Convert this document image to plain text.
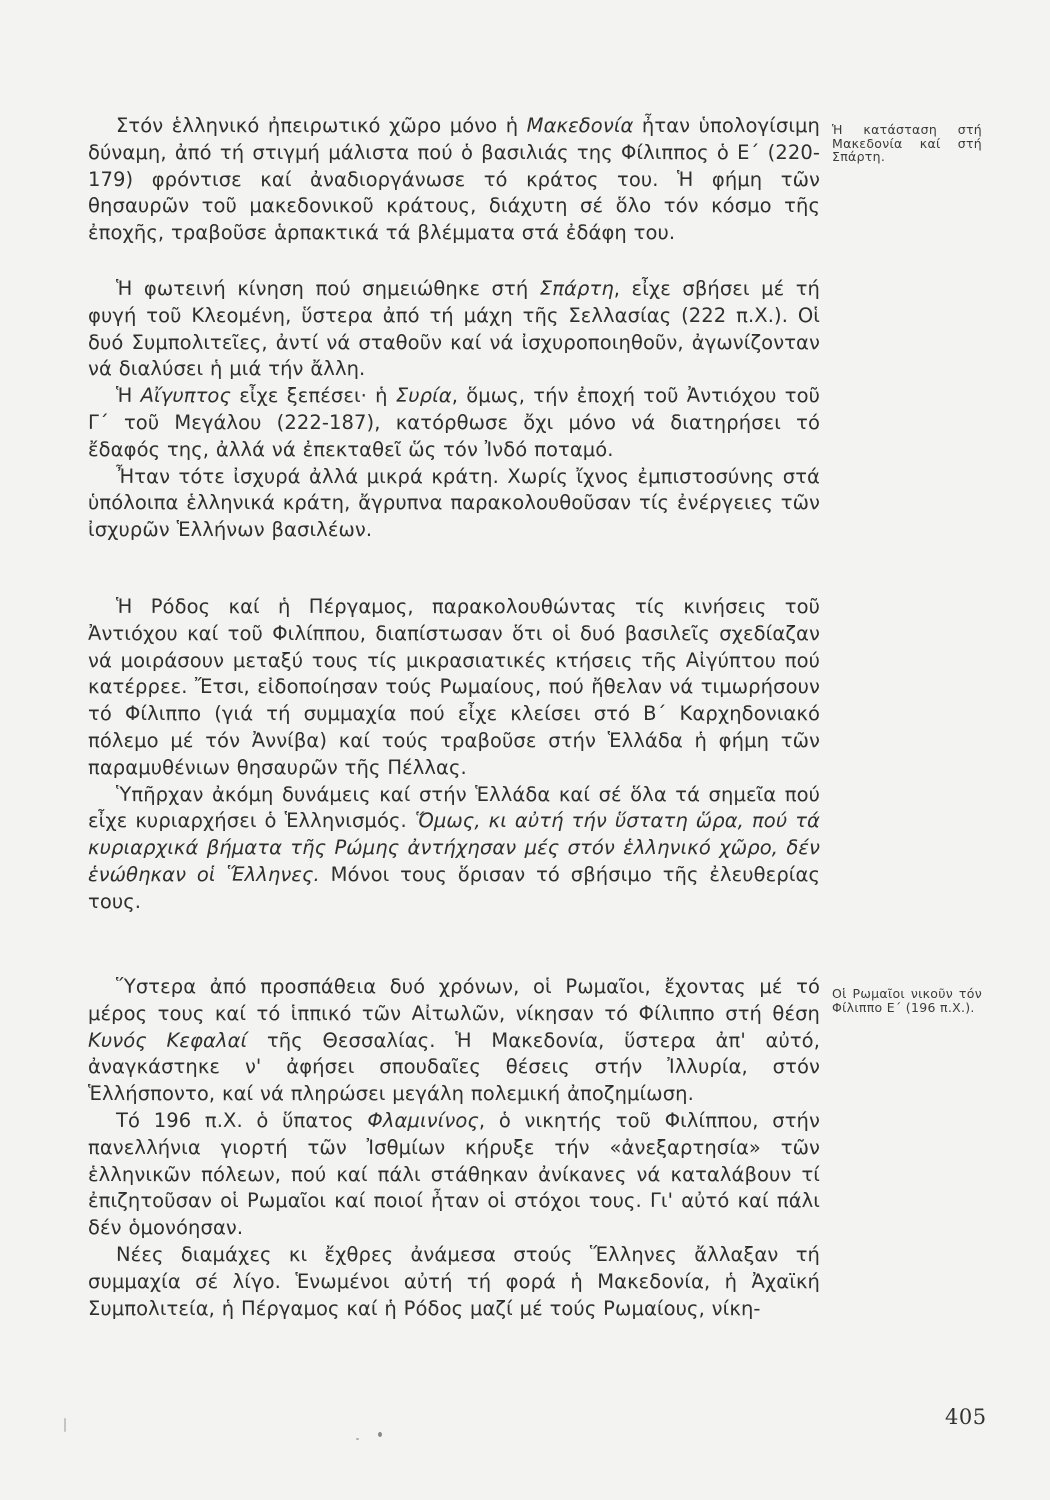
Στόν ἑλληνικό ἠπειρωτικό χῶρο μόνο ἡ Μακεδονία ἦταν ὑπολογίσιμη δύναμη, ἀπό τή στιγμή μάλιστα πού ὁ βασιλιάς της Φίλιππος ὁ Ε΄ (220-179) φρόντισε καί ἀναδιοργάνωσε τό κράτος του. Ἡ φήμη τῶν θησαυρῶν τοῦ μακεδονικοῦ κράτους, διάχυτη σέ ὅλο τόν κόσμο τῆς ἐποχῆς, τραβοῦσε ἁρπακτικά τά βλέμματα στά ἐδάφη του.

Ἡ φωτεινή κίνηση πού σημειώθηκε στή Σπάρτη, εἶχε σβήσει μέ τή φυγή τοῦ Κλεομένη, ὕστερα ἀπό τή μάχη τῆς Σελλασίας (222 π.Χ.). Οἱ δυό Συμπολιτεῖες, ἀντί νά σταθοῦν καί νά ἰσχυροποιηθοῦν, ἀγωνίζονταν νά διαλύσει ἡ μιά τήν ἄλλη.

Ἡ Αἴγυπτος εἶχε ξεπέσει· ἡ Συρία, ὅμως, τήν ἐποχή τοῦ Ἀντιόχου τοῦ Γ΄ τοῦ Μεγάλου (222-187), κατόρθωσε ὄχι μόνο νά διατηρήσει τό ἔδαφός της, ἀλλά νά ἐπεκταθεῖ ὥς τόν Ἰνδό ποταμό.

Ἦταν τότε ἰσχυρά ἀλλά μικρά κράτη. Χωρίς ἴχνος ἐμπιστοσύνης στά ὑπόλοιπα ἑλληνικά κράτη, ἄγρυπνα παρακολουθοῦσαν τίς ἐνέργειες τῶν ἰσχυρῶν Ἑλλήνων βασιλέων.

Ἡ Ρόδος καί ἡ Πέργαμος, παρακολουθώντας τίς κινήσεις τοῦ Ἀντιόχου καί τοῦ Φιλίππου, διαπίστωσαν ὅτι οἱ δυό βασιλεῖς σχεδίαζαν νά μοιράσουν μεταξύ τους τίς μικρασιατικές κτήσεις τῆς Αἰγύπτου πού κατέρρεε. Ἔτσι, εἰδοποίησαν τούς Ρωμαίους, πού ἤθελαν νά τιμωρήσουν τό Φίλιππο (γιά τή συμμαχία πού εἶχε κλείσει στό Β΄ Καρχηδονιακό πόλεμο μέ τόν Ἀννίβα) καί τούς τραβοῦσε στήν Ἑλλάδα ἡ φήμη τῶν παραμυθένιων θησαυρῶν τῆς Πέλλας.

Ὑπῆρχαν ἀκόμη δυνάμεις καί στήν Ἑλλάδα καί σέ ὅλα τά σημεῖα πού εἶχε κυριαρχήσει ὁ Ἑλληνισμός. Ὅμως, κι αὐτή τήν ὕστατη ὥρα, πού τά κυριαρχικά βήματα τῆς Ρώμης ἀντήχησαν μές στόν ἑλληνικό χῶρο, δέν ἑνώθηκαν οἱ Ἕλληνες. Μόνοι τους ὅρισαν τό σβήσιμο τῆς ἐλευθερίας τους.

Ὕστερα ἀπό προσπάθεια δυό χρόνων, οἱ Ρωμαῖοι, ἔχοντας μέ τό μέρος τους καί τό ἱππικό τῶν Αἰτωλῶν, νίκησαν τό Φίλιππο στή θέση Κυνός Κεφαλαί τῆς Θεσσαλίας. Ἡ Μακεδονία, ὕστερα ἀπ' αὐτό, ἀναγκάστηκε ν' ἀφήσει σπουδαῖες θέσεις στήν Ἰλλυρία, στόν Ἑλλήσποντο, καί νά πληρώσει μεγάλη πολεμική ἀποζημίωση.

Τό 196 π.Χ. ὁ ὕπατος Φλαμινίνος, ὁ νικητής τοῦ Φιλίππου, στήν πανελλήνια γιορτή τῶν Ἰσθμίων κήρυξε τήν «ἀνεξαρτησία» τῶν ἑλληνικῶν πόλεων, πού καί πάλι στάθηκαν ἀνίκανες νά καταλάβουν τί ἐπιζητοῦσαν οἱ Ρωμαῖοι καί ποιοί ἦταν οἱ στόχοι τους. Γι' αὐτό καί πάλι δέν ὁμονόησαν.

Νέες διαμάχες κι ἔχθρες ἀνάμεσα στούς Ἕλληνες ἄλλαξαν τή συμμαχία σέ λίγο. Ἑνωμένοι αὐτή τή φορά ἡ Μακεδονία, ἡ Ἀχαϊκή Συμπολιτεία, ἡ Πέργαμος καί ἡ Ρόδος μαζί μέ τούς Ρωμαίους, νίκη-

Ἡ κατάσταση στή Μακεδονία καί στή Σπάρτη.
Οἱ Ρωμαῖοι νικοῦν τόν Φίλιππο Ε΄ (196 π.Χ.).
405
